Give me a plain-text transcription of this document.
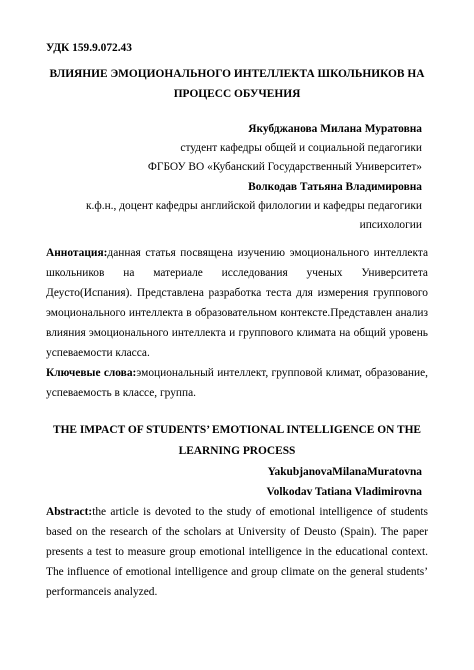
УДК 159.9.072.43
ВЛИЯНИЕ ЭМОЦИОНАЛЬНОГО ИНТЕЛЛЕКТА ШКОЛЬНИКОВ НА
ПРОЦЕСС ОБУЧЕНИЯ
Якубджанова Милана Муратовна
студент кафедры общей и социальной педагогики
ФГБОУ ВО «Кубанский Государственный Университет»
Волкодав Татьяна Владимировна
к.ф.н., доцент кафедры английской филологии и кафедры педагогики
ипсихологии
Аннотация:данная статья посвящена изучению эмоционального интеллекта
школьников на материале исследования ученых Университета
Деусто(Испания). Представлена разработка теста для измерения группового
эмоционального интеллекта в образовательном контексте.Представлен анализ
влияния эмоционального интеллекта и группового климата на общий уровень
успеваемости класса.
Ключевые слова:эмоциональный интеллект, групповой климат, образование,
успеваемость в классе, группа.
THE IMPACT OF STUDENTS’ EMOTIONAL INTELLIGENCE ON THE
LEARNING PROCESS
YakubjanovaMilanaMuratovna
Volkodav Tatiana Vladimirovna
Abstract:the article is devoted to the study of emotional intelligence of students
based on the research of the scholars at University of Deusto (Spain). The paper
presents a test to measure group emotional intelligence in the educational context.
The influence of emotional intelligence and group climate on the general students’
performanceis analyzed.
